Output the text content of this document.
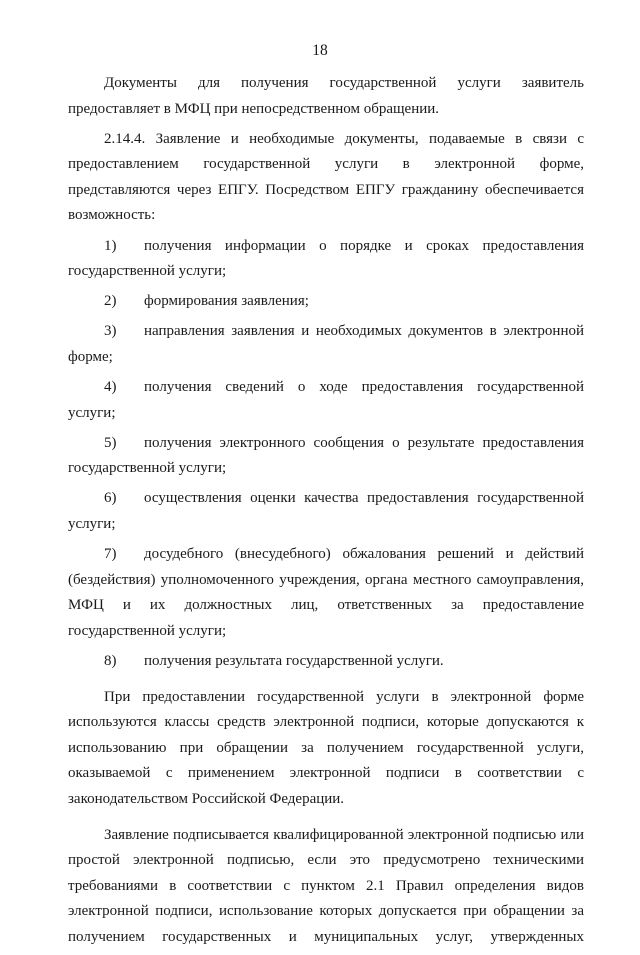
18

Документы для получения государственной услуги заявитель предоставляет в МФЦ при непосредственном обращении.

2.14.4. Заявление и необходимые документы, подаваемые в связи с предоставлением государственной услуги в электронной форме, представляются через ЕПГУ. Посредством ЕПГУ гражданину обеспечивается возможность:

1) получения информации о порядке и сроках предоставления государственной услуги;

2) формирования заявления;

3) направления заявления и необходимых документов в электронной форме;

4) получения сведений о ходе предоставления государственной услуги;

5) получения электронного сообщения о результате предоставления государственной услуги;

6) осуществления оценки качества предоставления государственной услуги;

7) досудебного (внесудебного) обжалования решений и действий (бездействия) уполномоченного учреждения, органа местного самоуправления, МФЦ и их должностных лиц, ответственных за предоставление государственной услуги;

8) получения результата государственной услуги.

При предоставлении государственной услуги в электронной форме используются классы средств электронной подписи, которые допускаются к использованию при обращении за получением государственной услуги, оказываемой с применением электронной подписи в соответствии с законодательством Российской Федерации.

Заявление подписывается квалифицированной электронной подписью или простой электронной подписью, если это предусмотрено техническими требованиями в соответствии с пунктом 2.1 Правил определения видов электронной подписи, использование которых допускается при обращении за получением государственных и муниципальных услуг, утвержденных
